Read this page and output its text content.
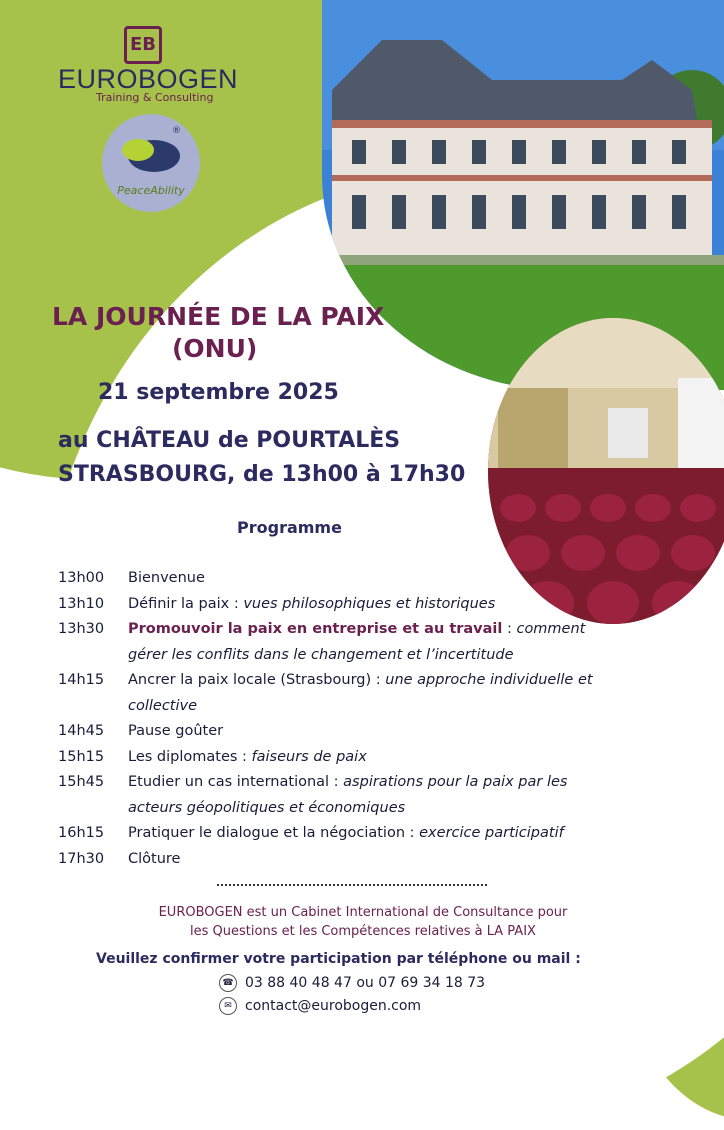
EB
EUROBOGEN
Training & Consulting
PeaceAbility
®
LA JOURNÉE DE LA PAIX
(ONU)
21 septembre 2025
au CHÂTEAU de POURTALÈS
STRASBOURG, de 13h00 à 17h30
Programme
13h00	Bienvenue
13h10	Définir la paix : vues philosophiques et historiques
13h30	Promouvoir la paix en entreprise et au travail : comment gérer les conflits dans le changement et l’incertitude
14h15	Ancrer la paix locale (Strasbourg) : une approche individuelle et collective
14h45	Pause goûter
15h15	Les diplomates : faiseurs de paix
15h45	Etudier un cas international : aspirations pour la paix par les acteurs géopolitiques et économiques
16h15	Pratiquer le dialogue et la négociation : exercice participatif
17h30	Clôture
EUROBOGEN est un Cabinet International de Consultance pour
les Questions et les Compétences relatives à LA PAIX
Veuillez confirmer votre participation par téléphone ou mail :
☎ 03 88 40 48 47 ou 07 69 34 18 73
✉ contact@eurobogen.com
